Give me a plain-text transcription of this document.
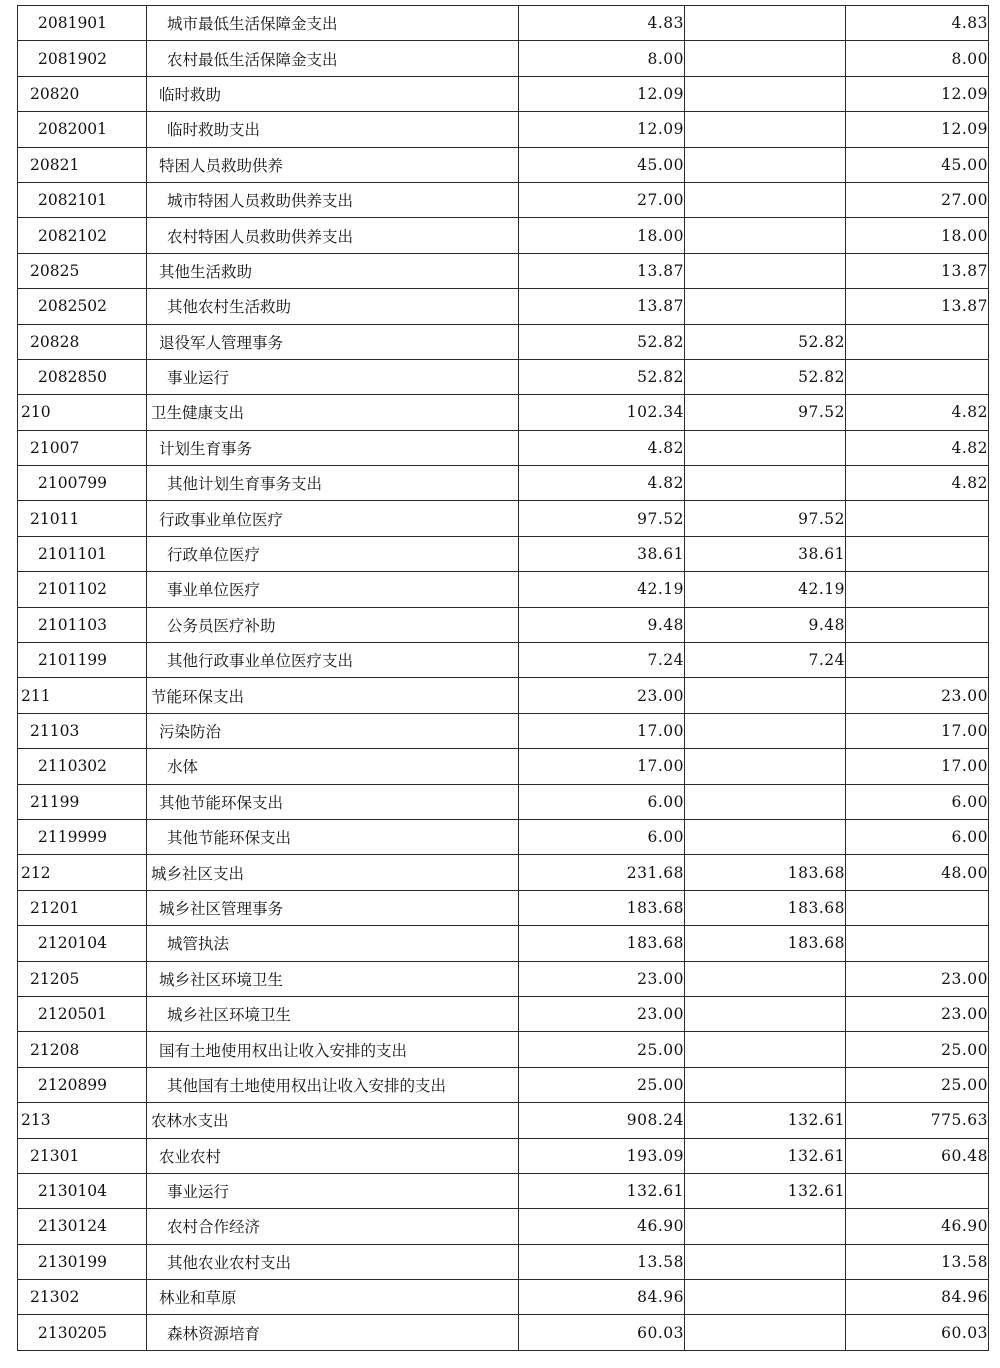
2081901	城市最低生活保障金支出	4.83		4.83
2081902	农村最低生活保障金支出	8.00		8.00
20820	临时救助	12.09		12.09
2082001	临时救助支出	12.09		12.09
20821	特困人员救助供养	45.00		45.00
2082101	城市特困人员救助供养支出	27.00		27.00
2082102	农村特困人员救助供养支出	18.00		18.00
20825	其他生活救助	13.87		13.87
2082502	其他农村生活救助	13.87		13.87
20828	退役军人管理事务	52.82	52.82	
2082850	事业运行	52.82	52.82	
210	卫生健康支出	102.34	97.52	4.82
21007	计划生育事务	4.82		4.82
2100799	其他计划生育事务支出	4.82		4.82
21011	行政事业单位医疗	97.52	97.52	
2101101	行政单位医疗	38.61	38.61	
2101102	事业单位医疗	42.19	42.19	
2101103	公务员医疗补助	9.48	9.48	
2101199	其他行政事业单位医疗支出	7.24	7.24	
211	节能环保支出	23.00		23.00
21103	污染防治	17.00		17.00
2110302	水体	17.00		17.00
21199	其他节能环保支出	6.00		6.00
2119999	其他节能环保支出	6.00		6.00
212	城乡社区支出	231.68	183.68	48.00
21201	城乡社区管理事务	183.68	183.68	
2120104	城管执法	183.68	183.68	
21205	城乡社区环境卫生	23.00		23.00
2120501	城乡社区环境卫生	23.00		23.00
21208	国有土地使用权出让收入安排的支出	25.00		25.00
2120899	其他国有土地使用权出让收入安排的支出	25.00		25.00
213	农林水支出	908.24	132.61	775.63
21301	农业农村	193.09	132.61	60.48
2130104	事业运行	132.61	132.61	
2130124	农村合作经济	46.90		46.90
2130199	其他农业农村支出	13.58		13.58
21302	林业和草原	84.96		84.96
2130205	森林资源培育	60.03		60.03
